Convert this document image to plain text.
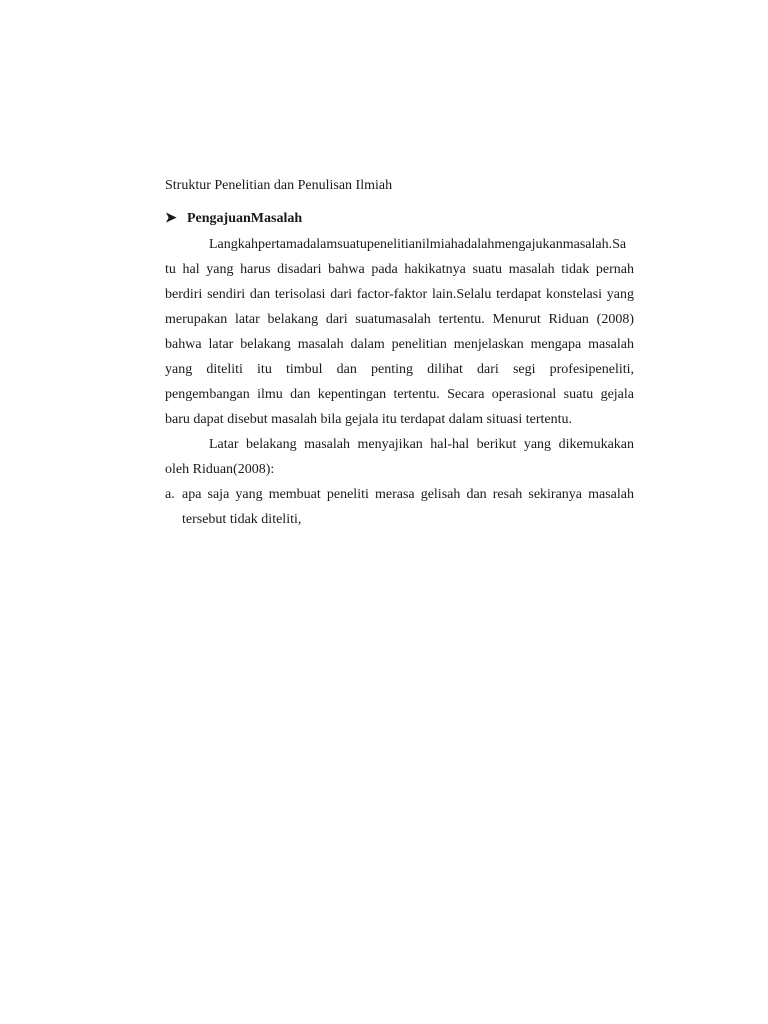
Struktur Penelitian dan Penulisan Ilmiah
➤ PengajuanMasalah
Langkahpertamadalamsuatupenelitianilmiahadalahmengajukanmasalah.Sa
tu hal yang harus disadari bahwa pada hakikatnya suatu masalah tidak pernah
berdiri sendiri dan terisolasi dari factor-faktor lain.Selalu terdapat konstelasi yang
merupakan latar belakang dari suatumasalah tertentu. Menurut Riduan (2008)
bahwa latar belakang masalah dalam penelitian menjelaskan mengapa masalah
yang diteliti itu timbul dan penting dilihat dari segi profesipeneliti,
pengembangan ilmu dan kepentingan tertentu. Secara operasional suatu gejala
baru dapat disebut masalah bila gejala itu terdapat dalam situasi tertentu.
Latar belakang masalah menyajikan hal-hal berikut yang dikemukakan
oleh Riduan(2008):
a. apa saja yang membuat peneliti merasa gelisah dan resah sekiranya masalah
tersebut tidak diteliti,
